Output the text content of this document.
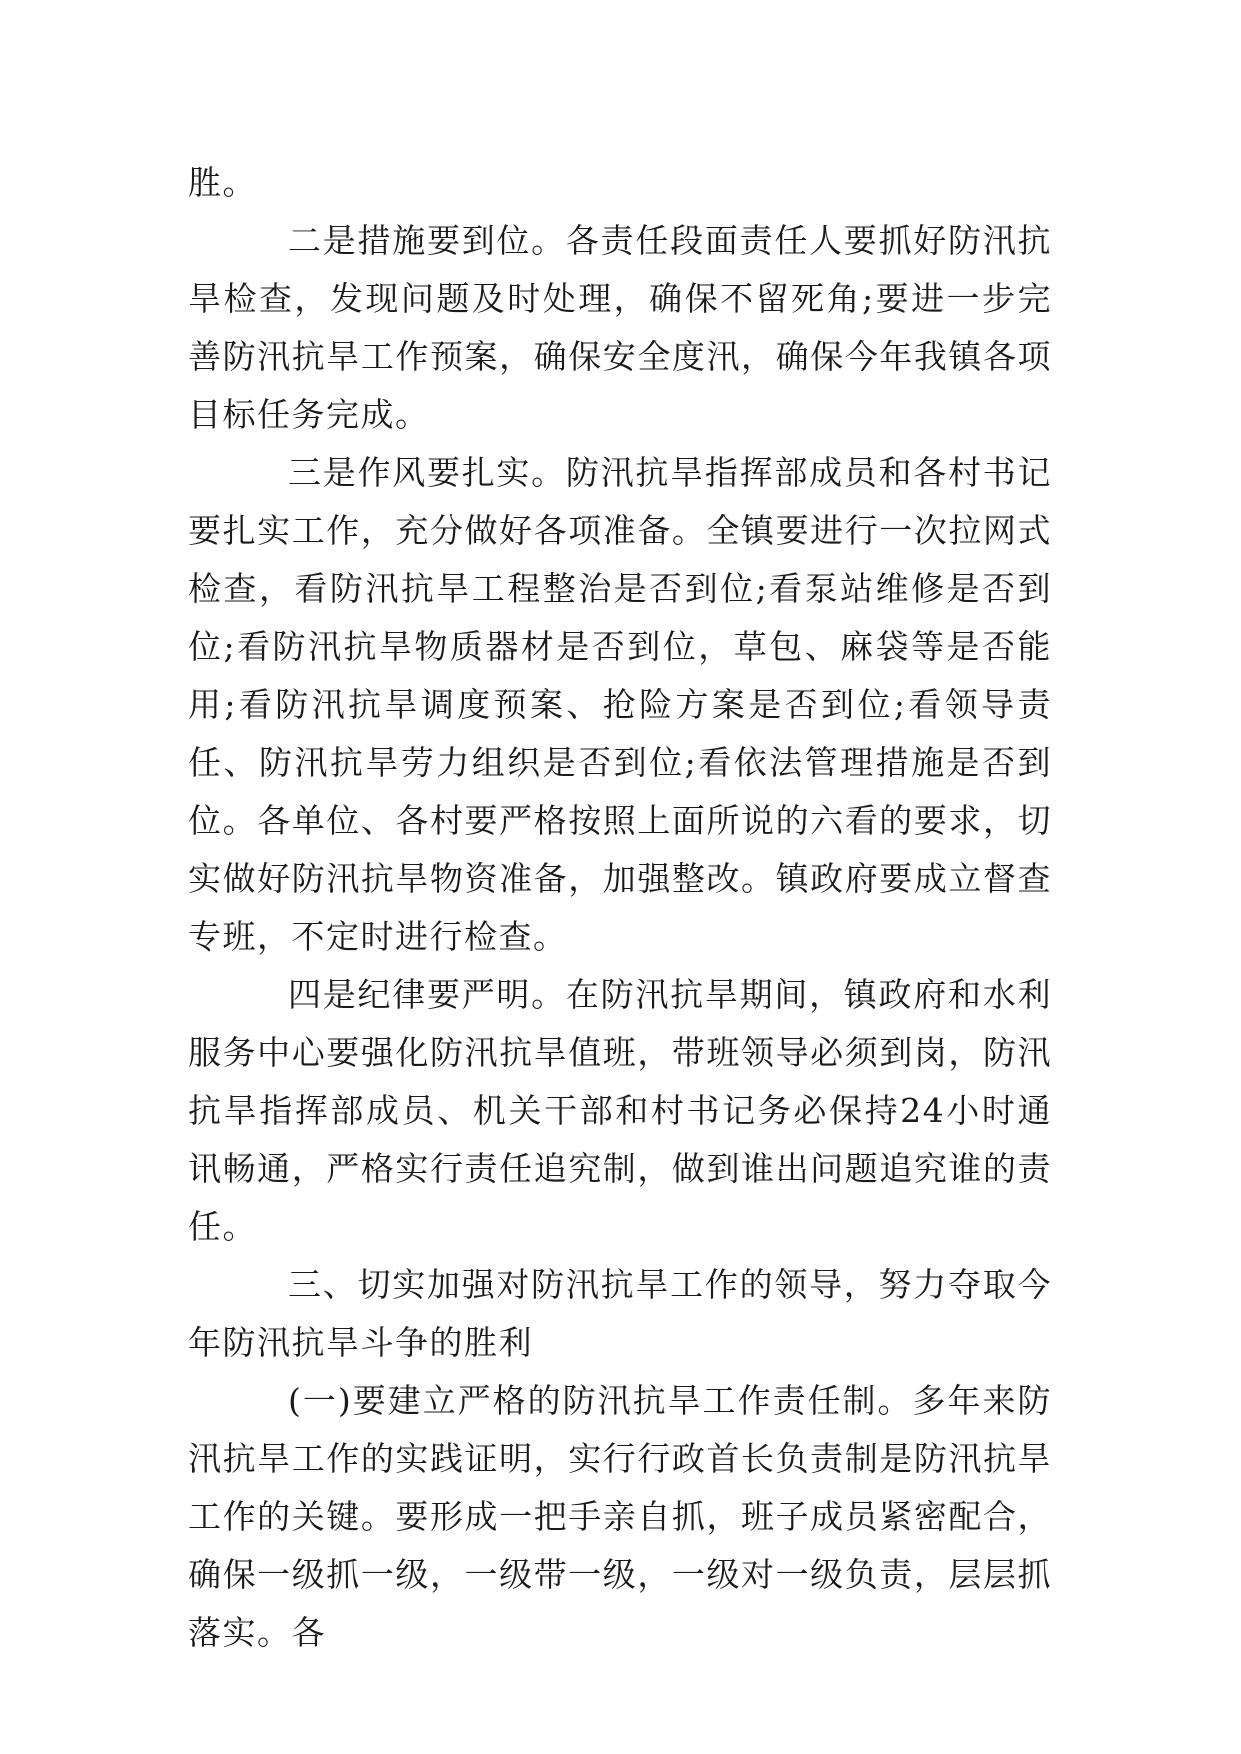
胜。

二是措施要到位。各责任段面责任人要抓好防汛抗旱检查，发现问题及时处理，确保不留死角;要进一步完善防汛抗旱工作预案，确保安全度汛，确保今年我镇各项目标任务完成。

三是作风要扎实。防汛抗旱指挥部成员和各村书记要扎实工作，充分做好各项准备。全镇要进行一次拉网式检查，看防汛抗旱工程整治是否到位;看泵站维修是否到位;看防汛抗旱物质器材是否到位，草包、麻袋等是否能用;看防汛抗旱调度预案、抢险方案是否到位;看领导责任、防汛抗旱劳力组织是否到位;看依法管理措施是否到位。各单位、各村要严格按照上面所说的六看的要求，切实做好防汛抗旱物资准备，加强整改。镇政府要成立督查专班，不定时进行检查。

四是纪律要严明。在防汛抗旱期间，镇政府和水利服务中心要强化防汛抗旱值班，带班领导必须到岗，防汛抗旱指挥部成员、机关干部和村书记务必保持24小时通讯畅通，严格实行责任追究制，做到谁出问题追究谁的责任。

三、切实加强对防汛抗旱工作的领导，努力夺取今年防汛抗旱斗争的胜利

(一)要建立严格的防汛抗旱工作责任制。多年来防汛抗旱工作的实践证明，实行行政首长负责制是防汛抗旱工作的关键。要形成一把手亲自抓，班子成员紧密配合，确保一级抓一级，一级带一级，一级对一级负责，层层抓落实。各
